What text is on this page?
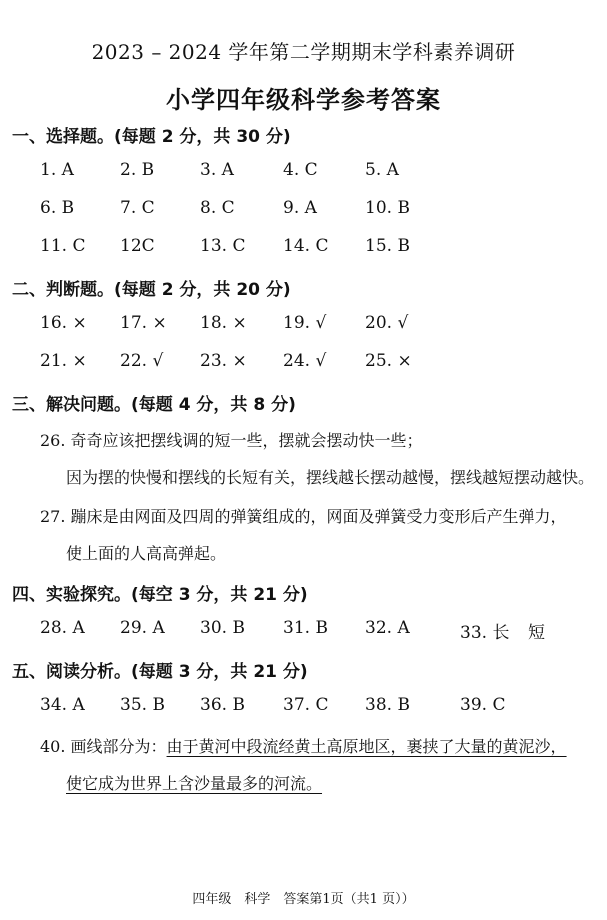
2023 – 2024 学年第二学期期末学科素养调研
小学四年级科学参考答案
一、选择题。(每题 2 分，共 30 分)
1. A	2. B	3. A	4. C	5. A
6. B	7. C	8. C	9. A	10. B
11. C 12C	13. C 14. C 15. B
二、判断题。(每题 2 分，共 20 分)
16. × 17. × 18. × 19. √ 20. √
21. × 22. √ 23. × 24. √ 25. ×
三、解决问题。(每题 4 分，共 8 分)
26. 奇奇应该把摆线调的短一些，摆就会摆动快一些；
因为摆的快慢和摆线的长短有关，摆线越长摆动越慢，摆线越短摆动越快。
27. 蹦床是由网面及四周的弹簧组成的，网面及弹簧受力变形后产生弹力，
使上面的人高高弹起。
四、实验探究。(每空 3 分，共 21 分)
28. A 29. A 30. B 31. B 32. A	33. 长 短
五、阅读分析。(每题 3 分，共 21 分)
34. A 35. B 36. B 37. C 38. B	39. C
40. 画线部分为：由于黄河中段流经黄土高原地区，裹挟了大量的黄泥沙，
使它成为世界上含沙量最多的河流。
四年级　科学　答案第1页（共1 页））
